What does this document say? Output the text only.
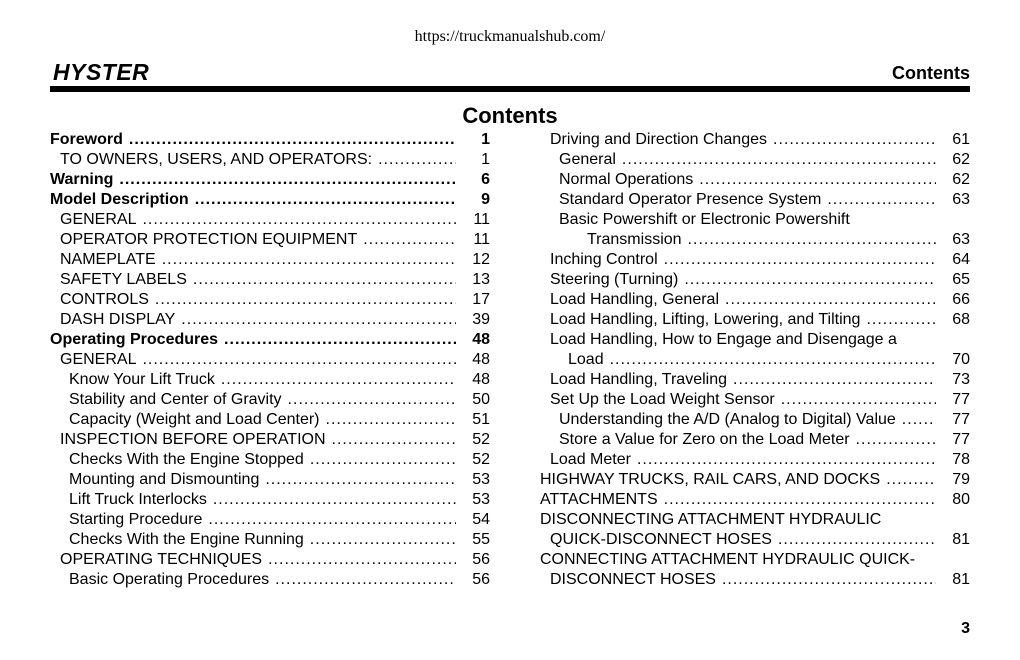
https://truckmanualshub.com/
HYSTER	Contents
Contents
Foreword .....	1
TO OWNERS, USERS, AND OPERATORS: .....	1
Warning .....	6
Model Description .....	9
GENERAL .....	11
OPERATOR PROTECTION EQUIPMENT .....	11
NAMEPLATE .....	12
SAFETY LABELS .....	13
CONTROLS .....	17
DASH DISPLAY .....	39
Operating Procedures .....	48
GENERAL .....	48
Know Your Lift Truck .....	48
Stability and Center of Gravity .....	50
Capacity (Weight and Load Center) .....	51
INSPECTION BEFORE OPERATION .....	52
Checks With the Engine Stopped .....	52
Mounting and Dismounting .....	53
Lift Truck Interlocks .....	53
Starting Procedure .....	54
Checks With the Engine Running .....	55
OPERATING TECHNIQUES .....	56
Basic Operating Procedures .....	56
Driving and Direction Changes .....	61
General .....	62
Normal Operations .....	62
Standard Operator Presence System .....	63
Basic Powershift or Electronic Powershift
Transmission .....	63
Inching Control .....	64
Steering (Turning) .....	65
Load Handling, General .....	66
Load Handling, Lifting, Lowering, and Tilting .....	68
Load Handling, How to Engage and Disengage a
Load .....	70
Load Handling, Traveling .....	73
Set Up the Load Weight Sensor .....	77
Understanding the A/D (Analog to Digital) Value .....	77
Store a Value for Zero on the Load Meter .....	77
Load Meter .....	78
HIGHWAY TRUCKS, RAIL CARS, AND DOCKS .....	79
ATTACHMENTS .....	80
DISCONNECTING ATTACHMENT HYDRAULIC
QUICK-DISCONNECT HOSES .....	81
CONNECTING ATTACHMENT HYDRAULIC QUICK-
DISCONNECT HOSES .....	81
3
